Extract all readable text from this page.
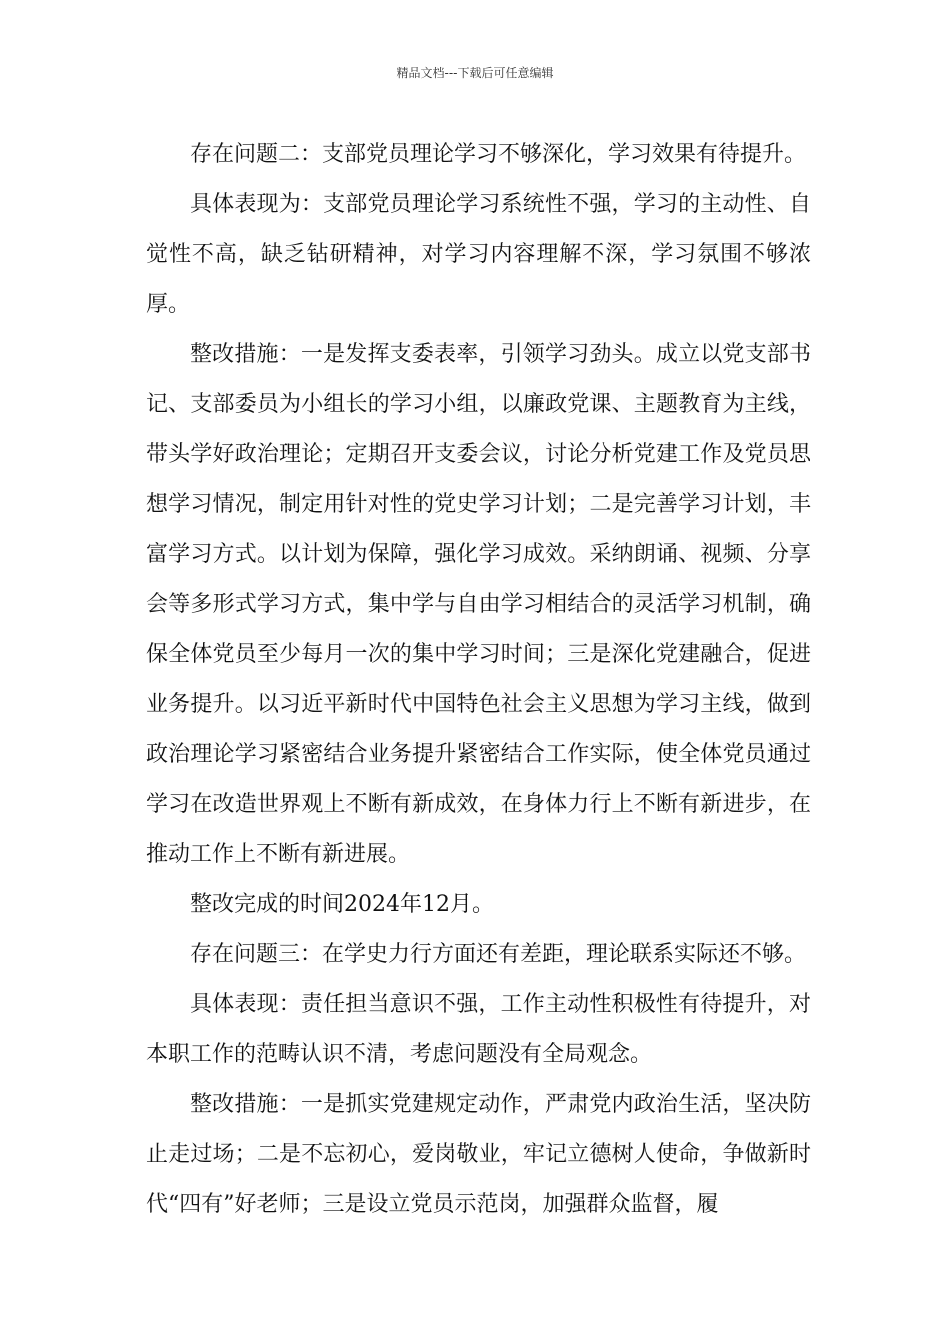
精品文档---下载后可任意编辑

存在问题二：支部党员理论学习不够深化，学习效果有待提升。

具体表现为：支部党员理论学习系统性不强，学习的主动性、自觉性不高，缺乏钻研精神，对学习内容理解不深，学习氛围不够浓厚。

整改措施：一是发挥支委表率，引领学习劲头。成立以党支部书记、支部委员为小组长的学习小组，以廉政党课、主题教育为主线，带头学好政治理论；定期召开支委会议，讨论分析党建工作及党员思想学习情况，制定用针对性的党史学习计划；二是完善学习计划，丰富学习方式。以计划为保障，强化学习成效。采纳朗诵、视频、分享会等多形式学习方式，集中学与自由学习相结合的灵活学习机制，确保全体党员至少每月一次的集中学习时间；三是深化党建融合，促进业务提升。以习近平新时代中国特色社会主义思想为学习主线，做到政治理论学习紧密结合业务提升紧密结合工作实际，使全体党员通过学习在改造世界观上不断有新成效，在身体力行上不断有新进步，在推动工作上不断有新进展。

整改完成的时间2024年12月。

存在问题三：在学史力行方面还有差距，理论联系实际还不够。

具体表现：责任担当意识不强，工作主动性积极性有待提升，对本职工作的范畴认识不清，考虑问题没有全局观念。

整改措施：一是抓实党建规定动作，严肃党内政治生活，坚决防止走过场；二是不忘初心，爱岗敬业，牢记立德树人使命，争做新时代“四有”好老师；三是设立党员示范岗，加强群众监督，履
